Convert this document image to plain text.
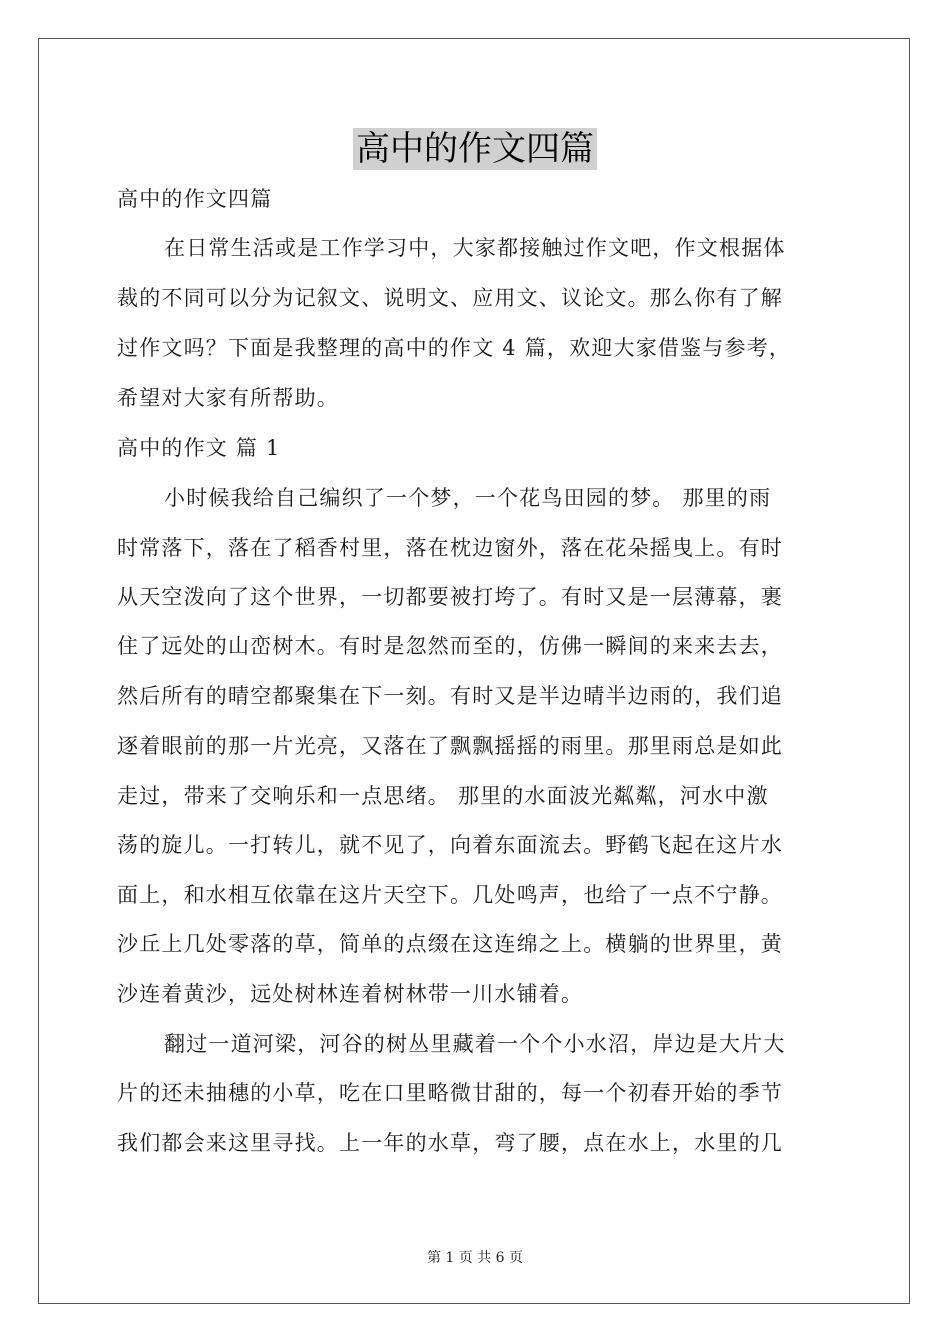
高中的作文四篇
高中的作文四篇
在日常生活或是工作学习中，大家都接触过作文吧，作文根据体
裁的不同可以分为记叙文、说明文、应用文、议论文。那么你有了解
过作文吗？下面是我整理的高中的作文 4 篇，欢迎大家借鉴与参考，
希望对大家有所帮助。
高中的作文 篇 1
小时候我给自己编织了一个梦，一个花鸟田园的梦。 那里的雨
时常落下，落在了稻香村里，落在枕边窗外，落在花朵摇曳上。有时
从天空泼向了这个世界，一切都要被打垮了。有时又是一层薄幕，裹
住了远处的山峦树木。有时是忽然而至的，仿佛一瞬间的来来去去，
然后所有的晴空都聚集在下一刻。有时又是半边晴半边雨的，我们追
逐着眼前的那一片光亮，又落在了飘飘摇摇的雨里。那里雨总是如此
走过，带来了交响乐和一点思绪。 那里的水面波光粼粼，河水中激
荡的旋儿。一打转儿，就不见了，向着东面流去。野鹤飞起在这片水
面上，和水相互依靠在这片天空下。几处鸣声，也给了一点不宁静。
沙丘上几处零落的草，简单的点缀在这连绵之上。横躺的世界里，黄
沙连着黄沙，远处树林连着树林带一川水铺着。
翻过一道河梁，河谷的树丛里藏着一个个小水沼，岸边是大片大
片的还未抽穗的小草，吃在口里略微甘甜的，每一个初春开始的季节
我们都会来这里寻找。上一年的水草，弯了腰，点在水上，水里的几
第 1 页 共 6 页
